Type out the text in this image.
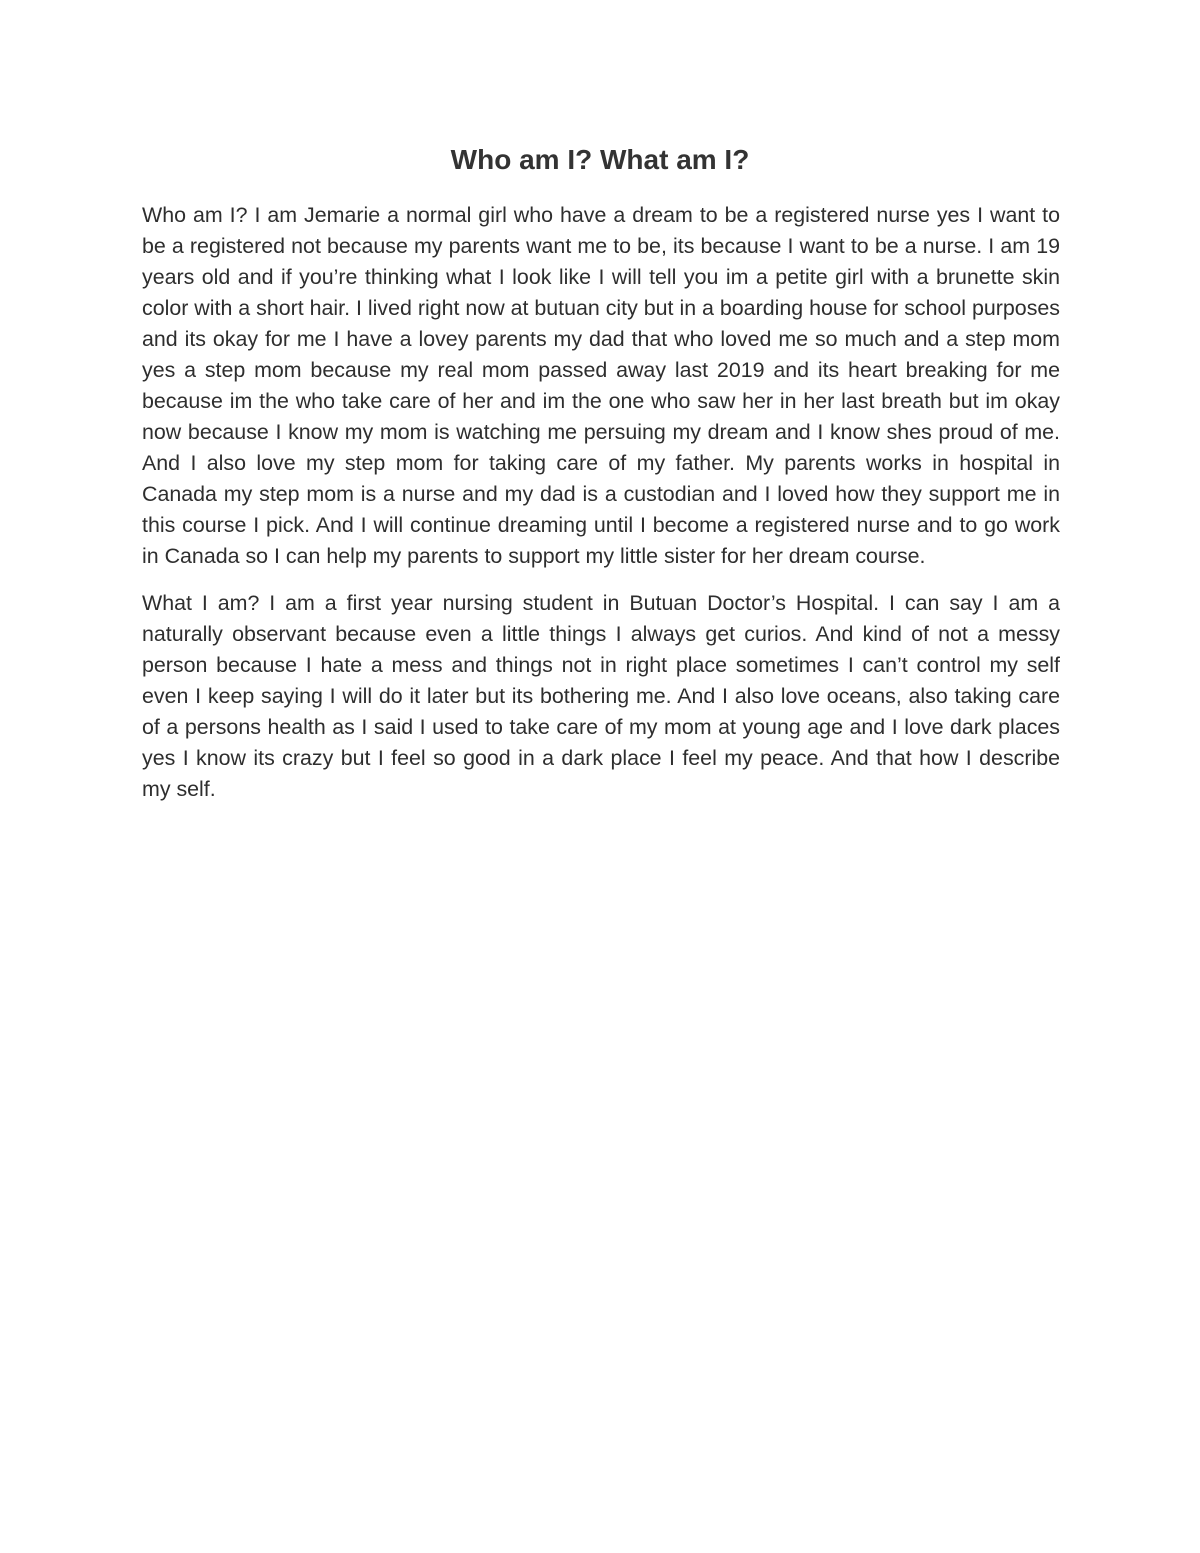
Who am I? What am I?

Who am I? I am Jemarie a normal girl who have a dream to be a registered nurse yes I want to be a registered not because my parents want me to be, its because I want to be a nurse. I am 19 years old and if you’re thinking what I look like I will tell you im a petite girl with a brunette skin color with a short hair. I lived right now at butuan city but in a boarding house for school purposes and its okay for me I have a lovey parents my dad that who loved me so much and a step mom yes a step mom because my real mom passed away last 2019 and its heart breaking for me because im the who take care of her and im the one who saw her in her last breath but im okay now because I know my mom is watching me persuing my dream and I know shes proud of me. And I also love my step mom for taking care of my father. My parents works in hospital in Canada my step mom is a nurse and my dad is a custodian and I loved how they support me in this course I pick. And I will continue dreaming until I become a registered nurse and to go work in Canada so I can help my parents to support my little sister for her dream course.

What I am? I am a first year nursing student in Butuan Doctor’s Hospital. I can say I am a naturally observant because even a little things I always get curios. And kind of not a messy person because I hate a mess and things not in right place sometimes I can’t control my self even I keep saying I will do it later but its bothering me. And I also love oceans, also taking care of a persons health as I said I used to take care of my mom at young age and I love dark places yes I know its crazy but I feel so good in a dark place I feel my peace. And that how I describe my self.
